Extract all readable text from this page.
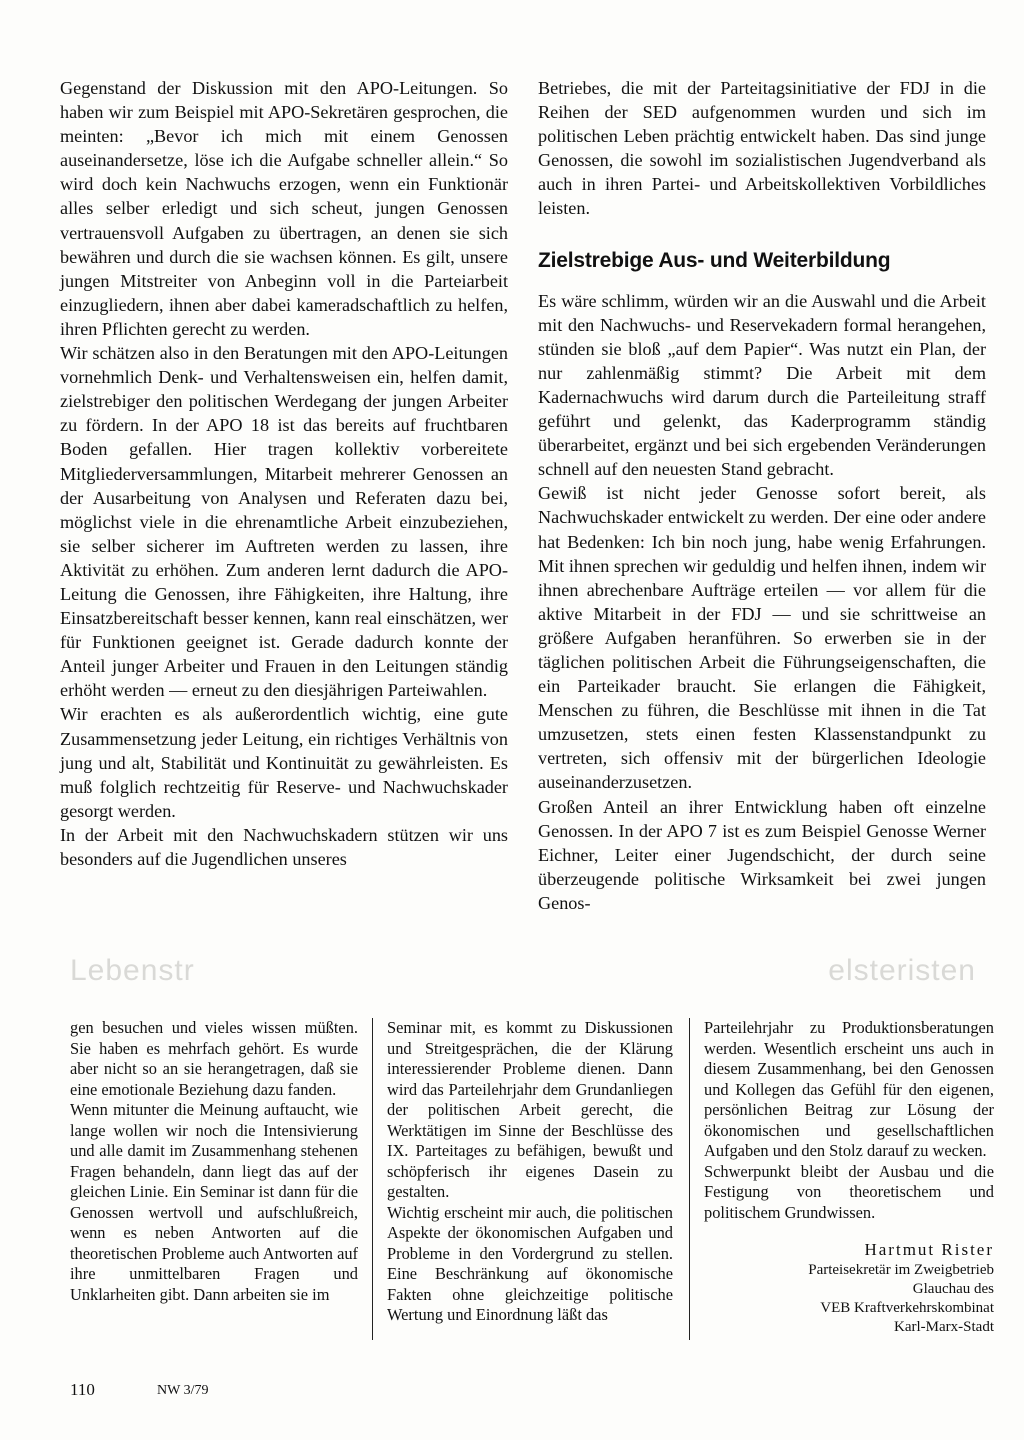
Gegenstand der Diskussion mit den APO-Leitungen. So haben wir zum Beispiel mit APO-Sekretären gesprochen, die meinten: „Bevor ich mich mit einem Genossen auseinandersetze, löse ich die Aufgabe schneller allein.“ So wird doch kein Nachwuchs erzogen, wenn ein Funktionär alles selber erledigt und sich scheut, jungen Genossen vertrauensvoll Aufgaben zu übertragen, an denen sie sich bewähren und durch die sie wachsen können. Es gilt, unsere jungen Mitstreiter von Anbeginn voll in die Parteiarbeit einzugliedern, ihnen aber dabei kameradschaftlich zu helfen, ihren Pflichten gerecht zu werden.

Wir schätzen also in den Beratungen mit den APO-Leitungen vornehmlich Denk- und Verhaltensweisen ein, helfen damit, zielstrebiger den politischen Werdegang der jungen Arbeiter zu fördern. In der APO 18 ist das bereits auf fruchtbaren Boden gefallen. Hier tragen kollektiv vorbereitete Mitgliederversammlungen, Mitarbeit mehrerer Genossen an der Ausarbeitung von Analysen und Referaten dazu bei, möglichst viele in die ehrenamtliche Arbeit einzubeziehen, sie selber sicherer im Auftreten werden zu lassen, ihre Aktivität zu erhöhen. Zum anderen lernt dadurch die APO-Leitung die Genossen, ihre Fähigkeiten, ihre Haltung, ihre Einsatzbereitschaft besser kennen, kann real einschätzen, wer für Funktionen geeignet ist. Gerade dadurch konnte der Anteil junger Arbeiter und Frauen in den Leitungen ständig erhöht werden — erneut zu den diesjährigen Parteiwahlen.

Wir erachten es als außerordentlich wichtig, eine gute Zusammensetzung jeder Leitung, ein richtiges Verhältnis von jung und alt, Stabilität und Kontinuität zu gewährleisten. Es muß folglich rechtzeitig für Reserve- und Nachwuchskader gesorgt werden.

In der Arbeit mit den Nachwuchskadern stützen wir uns besonders auf die Jugendlichen unseres

Betriebes, die mit der Parteitagsinitiative der FDJ in die Reihen der SED aufgenommen wurden und sich im politischen Leben prächtig entwickelt haben. Das sind junge Genossen, die sowohl im sozialistischen Jugendverband als auch in ihren Partei- und Arbeitskollektiven Vorbildliches leisten.

Zielstrebige Aus- und Weiterbildung

Es wäre schlimm, würden wir an die Auswahl und die Arbeit mit den Nachwuchs- und Reservekadern formal herangehen, stünden sie bloß „auf dem Papier“. Was nutzt ein Plan, der nur zahlenmäßig stimmt? Die Arbeit mit dem Kadernachwuchs wird darum durch die Parteileitung straff geführt und gelenkt, das Kaderprogramm ständig überarbeitet, ergänzt und bei sich ergebenden Veränderungen schnell auf den neuesten Stand gebracht.

Gewiß ist nicht jeder Genosse sofort bereit, als Nachwuchskader entwickelt zu werden. Der eine oder andere hat Bedenken: Ich bin noch jung, habe wenig Erfahrungen. Mit ihnen sprechen wir geduldig und helfen ihnen, indem wir ihnen abrechenbare Aufträge erteilen — vor allem für die aktive Mitarbeit in der FDJ — und sie schrittweise an größere Aufgaben heranführen. So erwerben sie in der täglichen politischen Arbeit die Führungseigenschaften, die ein Parteikader braucht. Sie erlangen die Fähigkeit, Menschen zu führen, die Beschlüsse mit ihnen in die Tat umzusetzen, stets einen festen Klassenstandpunkt zu vertreten, sich offensiv mit der bürgerlichen Ideologie auseinanderzusetzen.

Großen Anteil an ihrer Entwicklung haben oft einzelne Genossen. In der APO 7 ist es zum Beispiel Genosse Werner Eichner, Leiter einer Jugendschicht, der durch seine überzeugende politische Wirksamkeit bei zwei jungen Genos-

Lebenstr	elsteristen

gen besuchen und vieles wissen müßten. Sie haben es mehrfach gehört. Es wurde aber nicht so an sie herangetragen, daß sie eine emotionale Beziehung dazu fanden.

Wenn mitunter die Meinung auftaucht, wie lange wollen wir noch die Intensivierung und alle damit im Zusammenhang stehenen Fragen behandeln, dann liegt das auf der gleichen Linie. Ein Seminar ist dann für die Genossen wertvoll und aufschlußreich, wenn es neben Antworten auf die theoretischen Probleme auch Antworten auf ihre unmittelbaren Fragen und Unklarheiten gibt. Dann arbeiten sie im

Seminar mit, es kommt zu Diskussionen und Streitgesprächen, die der Klärung interessierender Probleme dienen. Dann wird das Parteilehrjahr dem Grundanliegen der politischen Arbeit gerecht, die Werktätigen im Sinne der Beschlüsse des IX. Parteitages zu befähigen, bewußt und schöpferisch ihr eigenes Dasein zu gestalten.

Wichtig erscheint mir auch, die politischen Aspekte der ökonomischen Aufgaben und Probleme in den Vordergrund zu stellen. Eine Beschränkung auf ökonomische Fakten ohne gleichzeitige politische Wertung und Einordnung läßt das

Parteilehrjahr zu Produktionsberatungen werden. Wesentlich erscheint uns auch in diesem Zusammenhang, bei den Genossen und Kollegen das Gefühl für den eigenen, persönlichen Beitrag zur Lösung der ökonomischen und gesellschaftlichen Aufgaben und den Stolz darauf zu wecken.

Schwerpunkt bleibt der Ausbau und die Festigung von theoretischem und politischem Grundwissen.

Hartmut Rister
Parteisekretär im Zweigbetrieb
Glauchau des
VEB Kraftverkehrskombinat
Karl-Marx-Stadt
110	NW 3/79
